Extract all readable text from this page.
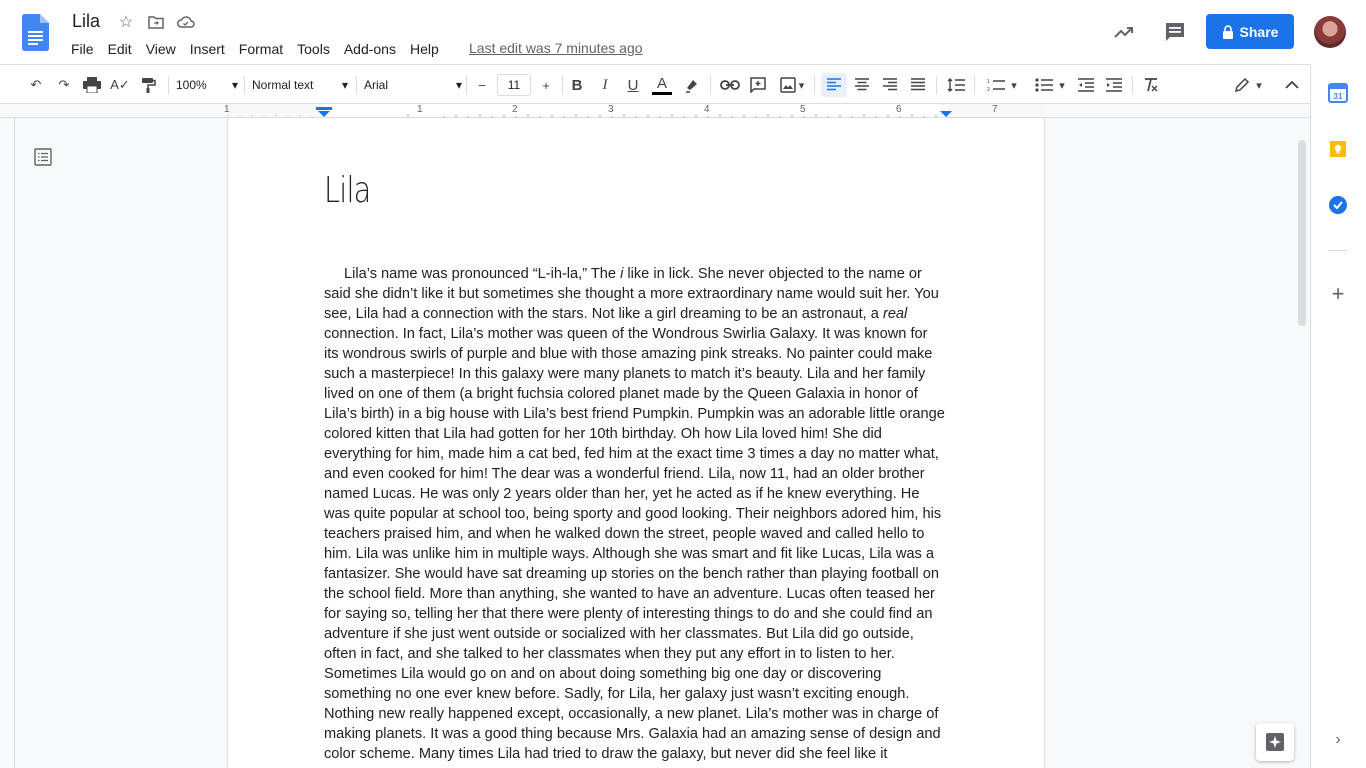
Lila ☆
File	Edit	View	Insert	Format	Tools	Add-ons	Help	Last edit was 7 minutes ago
Share
↶	↷	A✓	100% ▾ Normal text ▾ Arial	▾	−	11	+	B	I	U	A	▾	1
2 ▾	▾	▾
1	1	2	3	4	5	6	7
Lila

Lila’s name was pronounced “L-ih-la,” The i like in lick. She never objected to the name or said she didn’t like it but sometimes she thought a more extraordinary name would suit her. You see, Lila had a connection with the stars. Not like a girl dreaming to be an astronaut, a real connection. In fact, Lila’s mother was queen of the Wondrous Swirlia Galaxy. It was known for its wondrous swirls of purple and blue with those amazing pink streaks. No painter could make such a masterpiece! In this galaxy were many planets to match it’s beauty. Lila and her family lived on one of them (a bright fuchsia colored planet made by the Queen Galaxia in honor of Lila’s birth) in a big house with Lila’s best friend Pumpkin. Pumpkin was an adorable little orange colored kitten that Lila had gotten for her 10th birthday. Oh how Lila loved him! She did everything for him, made him a cat bed, fed him at the exact time 3 times a day no matter what, and even cooked for him! The dear was a wonderful friend. Lila, now 11, had an older brother named Lucas. He was only 2 years older than her, yet he acted as if he knew everything. He was quite popular at school too, being sporty and good looking. Their neighbors adored him, his teachers praised him, and when he walked down the street, people waved and called hello to him. Lila was unlike him in multiple ways. Although she was smart and fit like Lucas, Lila was a fantasizer. She would have sat dreaming up stories on the bench rather than playing football on the school field. More than anything, she wanted to have an adventure. Lucas often teased her for saying so, telling her that there were plenty of interesting things to do and she could find an adventure if she just went outside or socialized with her classmates. But Lila did go outside, often in fact, and she talked to her classmates when they put any effort in to listen to her. Sometimes Lila would go on and on about doing something big one day or discovering something no one ever knew before. Sadly, for Lila, her galaxy just wasn’t exciting enough. Nothing new really happened except, occasionally, a new planet. Lila’s mother was in charge of making planets. It was a good thing because Mrs. Galaxia had an amazing sense of design and color scheme. Many times Lila had tried to draw the galaxy, but never did she feel like it

31
+
›
